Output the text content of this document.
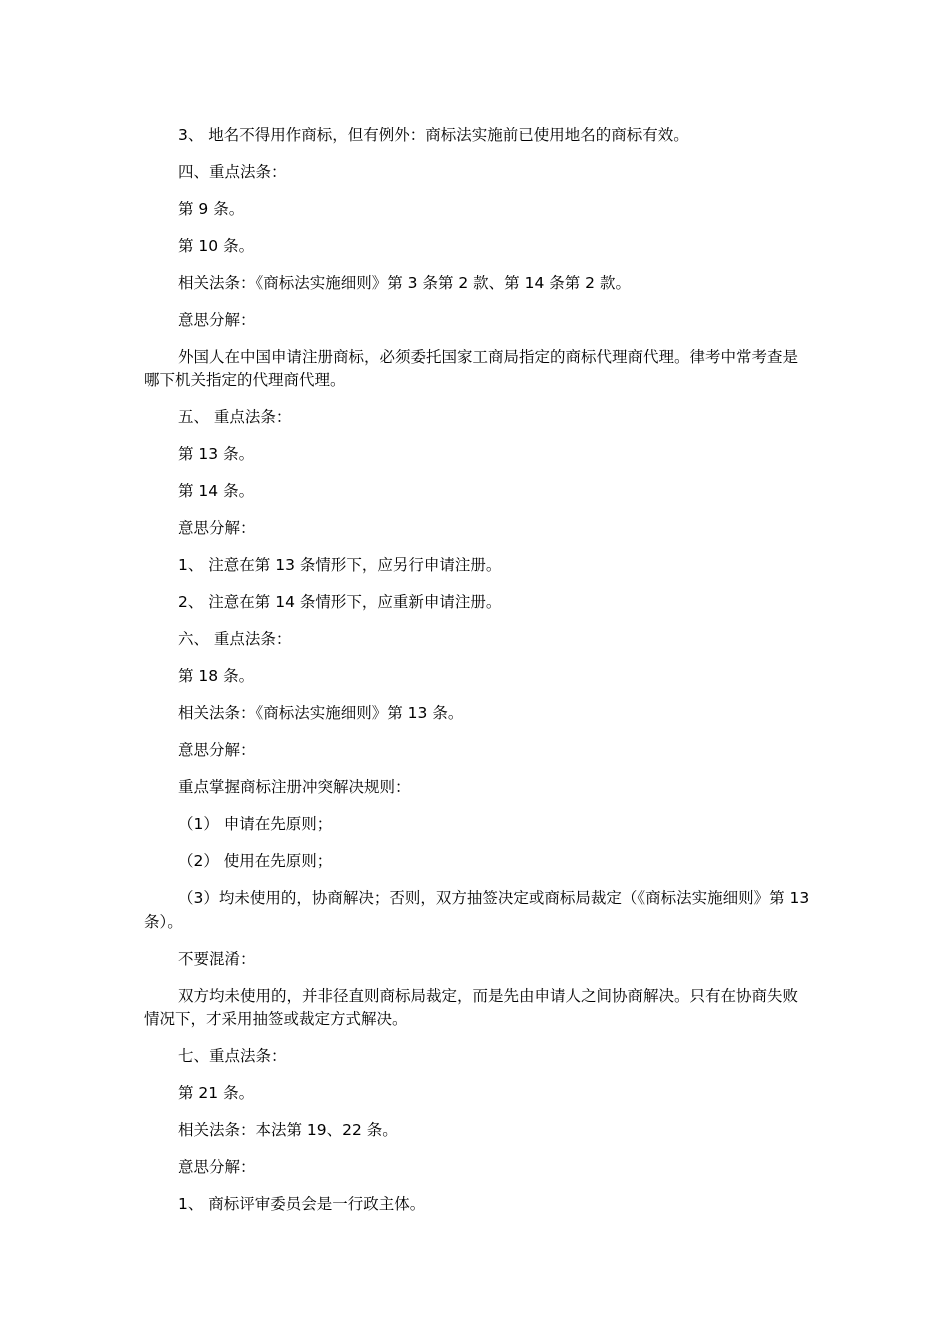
3、 地名不得用作商标，但有例外：商标法实施前已使用地名的商标有效。

四、重点法条：

第 9 条。

第 10 条。

相关法条：《商标法实施细则》第 3 条第 2 款、第 14 条第 2 款。

意思分解：

外国人在中国申请注册商标，必须委托国家工商局指定的商标代理商代理。律考中常考查是哪下机关指定的代理商代理。

五、 重点法条：

第 13 条。

第 14 条。

意思分解：

1、 注意在第 13 条情形下，应另行申请注册。

2、 注意在第 14 条情形下，应重新申请注册。

六、 重点法条：

第 18 条。

相关法条：《商标法实施细则》第 13 条。

意思分解：

重点掌握商标注册冲突解决规则：

（1） 申请在先原则；

（2） 使用在先原则；

（3）均未使用的，协商解决；否则，双方抽签决定或商标局裁定（《商标法实施细则》第 13 条）。

不要混淆：

双方均未使用的，并非径直则商标局裁定，而是先由申请人之间协商解决。只有在协商失败情况下，才采用抽签或裁定方式解决。

七、重点法条：

第 21 条。

相关法条：本法第 19、22 条。

意思分解：

1、 商标评审委员会是一行政主体。
